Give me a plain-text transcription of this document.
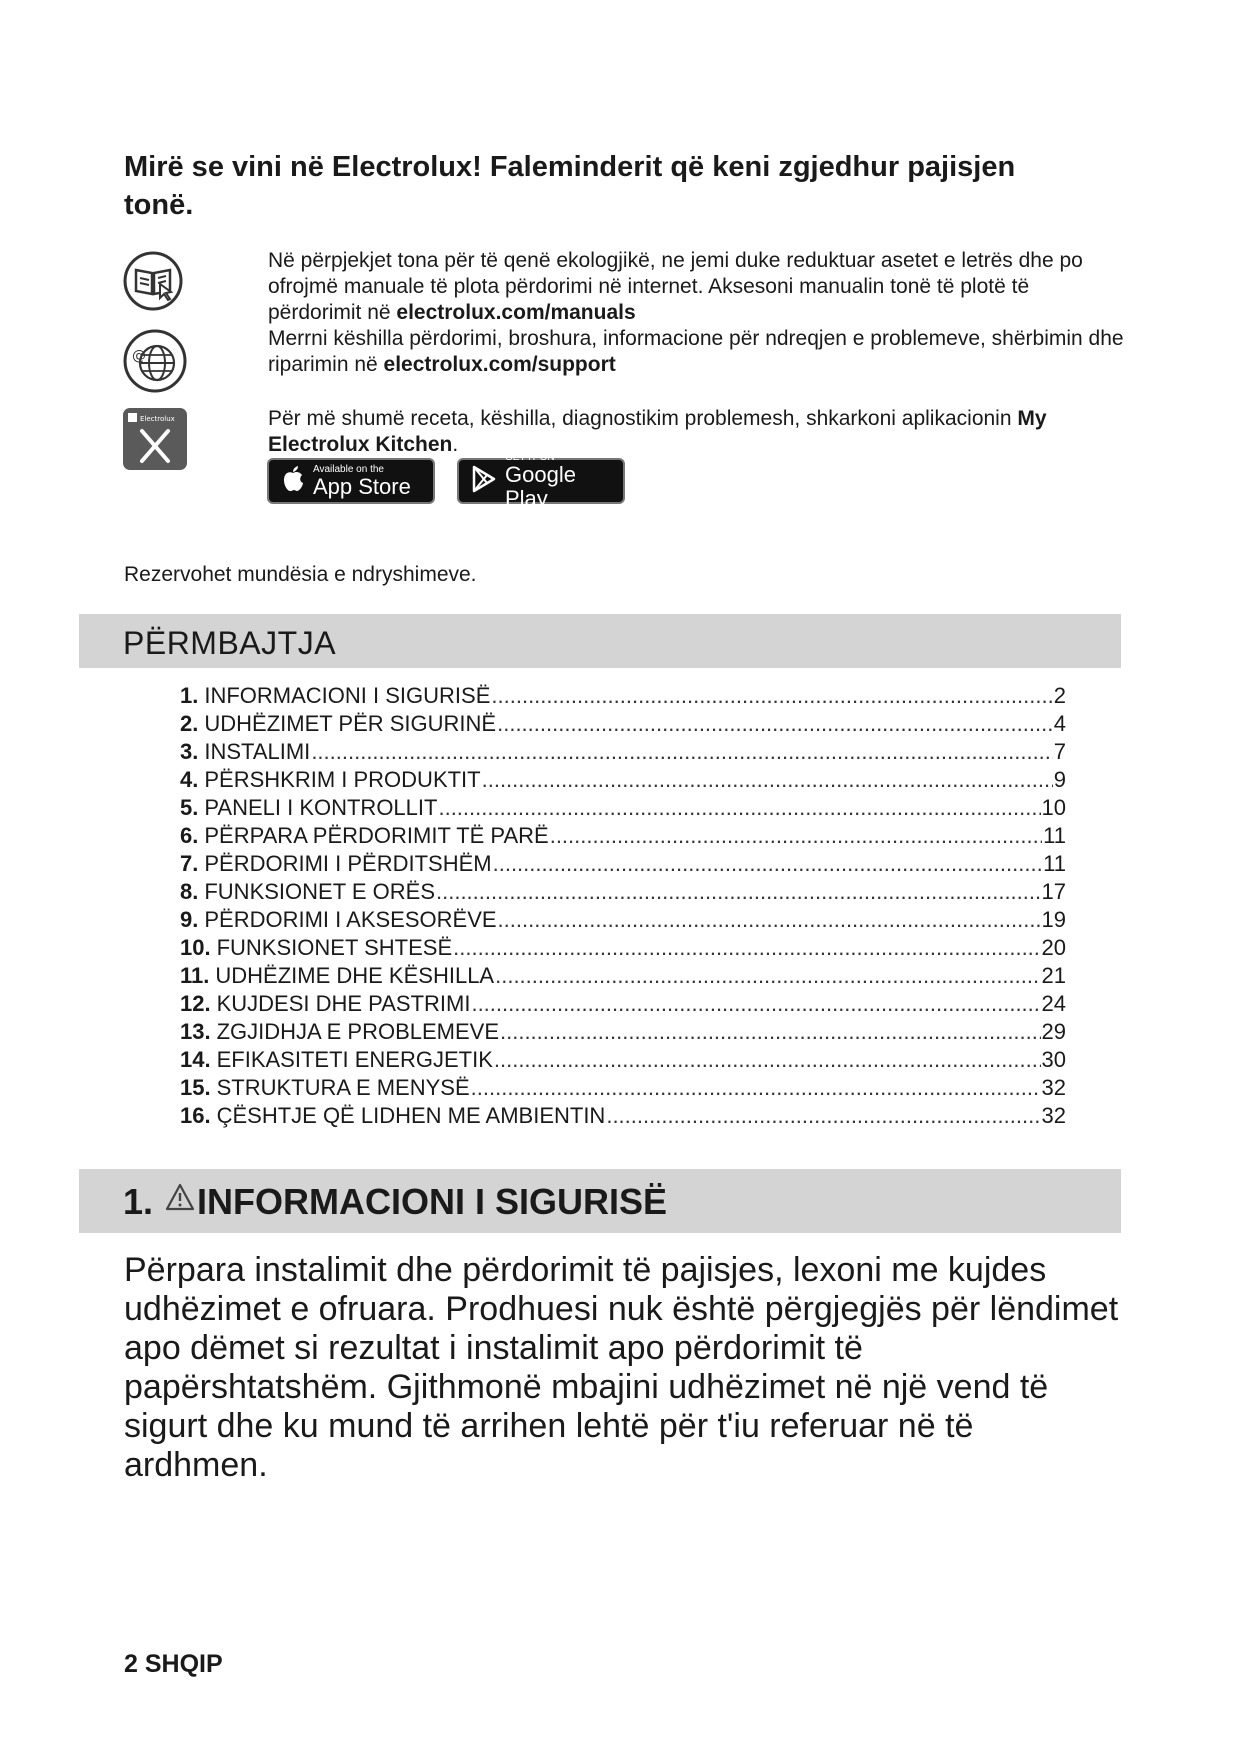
Mirë se vini në Electrolux! Faleminderit që keni zgjedhur pajisjen tonë.
@
Electrolux
Në përpjekjet tona për të qenë ekologjikë, ne jemi duke reduktuar asetet e letrës dhe po ofrojmë manuale të plota përdorimi në internet. Aksesoni manualin tonë të plotë të përdorimit në electrolux.com/manuals
Merrni këshilla përdorimi, broshura, informacione për ndreqjen e problemeve, shërbimin dhe riparimin në electrolux.com/support
Për më shumë receta, këshilla, diagnostikim problemesh, shkarkoni aplikacionin My Electrolux Kitchen.
Available on the
App Store
GET IT ON
Google Play
Rezervohet mundësia e ndryshimeve.
PËRMBAJTJA
1. INFORMACIONI I SIGURISË .....	2
2. UDHËZIMET PËR SIGURINË .....	4
3. INSTALIMI .....	7
4. PËRSHKRIM I PRODUKTIT .....	9
5. PANELI I KONTROLLIT .....	10
6. PËRPARA PËRDORIMIT TË PARË .....	11
7. PËRDORIMI I PËRDITSHËM .....	11
8. FUNKSIONET E ORËS .....	17
9. PËRDORIMI I AKSESORËVE .....	19
10. FUNKSIONET SHTESË .....	20
11. UDHËZIME DHE KËSHILLA .....	21
12. KUJDESI DHE PASTRIMI .....	24
13. ZGJIDHJA E PROBLEMEVE .....	29
14. EFIKASITETI ENERGJETIK .....	30
15. STRUKTURA E MENYSË .....	32
16. ÇËSHTJE QË LIDHEN ME AMBIENTIN .....	32
1. INFORMACIONI I SIGURISË

Përpara instalimit dhe përdorimit të pajisjes, lexoni me kujdes udhëzimet e ofruara. Prodhuesi nuk është përgjegjës për lëndimet apo dëmet si rezultat i instalimit apo përdorimit të papërshtatshëm. Gjithmonë mbajini udhëzimet në një vend të sigurt dhe ku mund të arrihen lehtë për t'iu referuar në të ardhmen.

2 SHQIP
